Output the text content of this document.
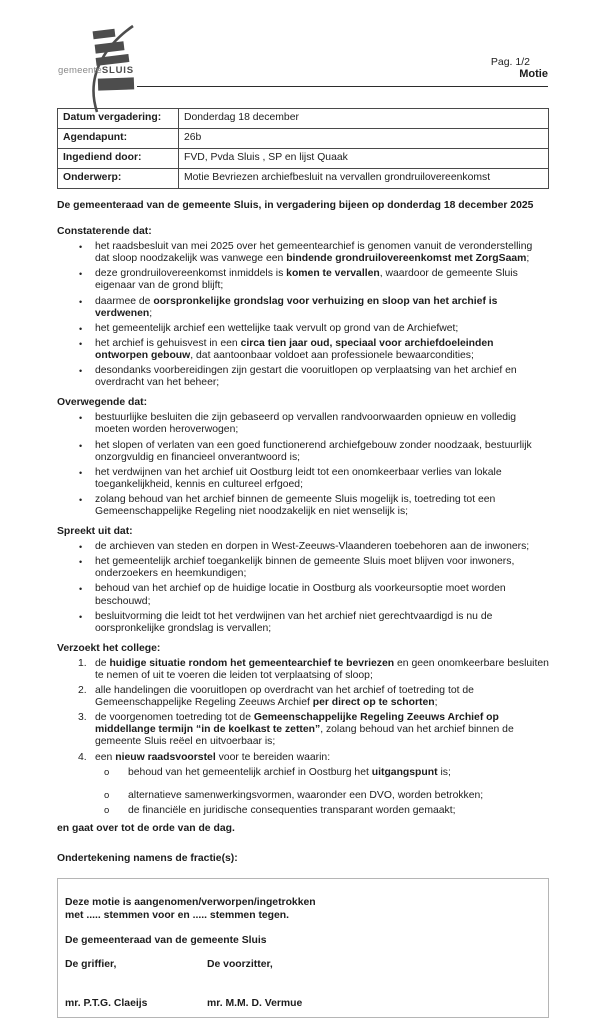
gemeenteSLUIS
Pag. 1/2
Motie
Datum vergadering:	Donderdag 18 december
Agendapunt:	26b
Ingediend door:	FVD, Pvda Sluis , SP en lijst Quaak
Onderwerp:	Motie Bevriezen archiefbesluit na vervallen grondruilovereenkomst

De gemeenteraad van de gemeente Sluis, in vergadering bijeen op donderdag 18 december 2025

Constaterende dat:
• het raadsbesluit van mei 2025 over het gemeentearchief is genomen vanuit de veronderstelling dat sloop noodzakelijk was vanwege een bindende grondruilovereenkomst met ZorgSaam;
• deze grondruilovereenkomst inmiddels is komen te vervallen, waardoor de gemeente Sluis eigenaar van de grond blijft;
• daarmee de oorspronkelijke grondslag voor verhuizing en sloop van het archief is verdwenen;
• het gemeentelijk archief een wettelijke taak vervult op grond van de Archiefwet;
• het archief is gehuisvest in een circa tien jaar oud, speciaal voor archiefdoeleinden ontworpen gebouw, dat aantoonbaar voldoet aan professionele bewaarcondities;
• desondanks voorbereidingen zijn gestart die vooruitlopen op verplaatsing van het archief en overdracht van het beheer;
Overwegende dat:
• bestuurlijke besluiten die zijn gebaseerd op vervallen randvoorwaarden opnieuw en volledig moeten worden heroverwogen;
• het slopen of verlaten van een goed functionerend archiefgebouw zonder noodzaak, bestuurlijk onzorgvuldig en financieel onverantwoord is;
• het verdwijnen van het archief uit Oostburg leidt tot een onomkeerbaar verlies van lokale toegankelijkheid, kennis en cultureel erfgoed;
• zolang behoud van het archief binnen de gemeente Sluis mogelijk is, toetreding tot een Gemeenschappelijke Regeling niet noodzakelijk en niet wenselijk is;
Spreekt uit dat:
• de archieven van steden en dorpen in West-Zeeuws-Vlaanderen toebehoren aan de inwoners;
• het gemeentelijk archief toegankelijk binnen de gemeente Sluis moet blijven voor inwoners, onderzoekers en heemkundigen;
• behoud van het archief op de huidige locatie in Oostburg als voorkeursoptie moet worden beschouwd;
• besluitvorming die leidt tot het verdwijnen van het archief niet gerechtvaardigd is nu de oorspronkelijke grondslag is vervallen;
Verzoekt het college:
1. de huidige situatie rondom het gemeentearchief te bevriezen en geen onomkeerbare besluiten te nemen of uit te voeren die leiden tot verplaatsing of sloop;
2. alle handelingen die vooruitlopen op overdracht van het archief of toetreding tot de Gemeenschappelijke Regeling Zeeuws Archief per direct op te schorten;
3. de voorgenomen toetreding tot de Gemeenschappelijke Regeling Zeeuws Archief op middellange termijn “in de koelkast te zetten”, zolang behoud van het archief binnen de gemeente Sluis reëel en uitvoerbaar is;
4. een nieuw raadsvoorstel voor te bereiden waarin:
o behoud van het gemeentelijk archief in Oostburg het uitgangspunt is;
o alternatieve samenwerkingsvormen, waaronder een DVO, worden betrokken;
o de financiële en juridische consequenties transparant worden gemaakt;

en gaat over tot de orde van de dag.

Ondertekening namens de fractie(s):

Deze motie is aangenomen/verworpen/ingetrokken

met ..... stemmen voor en ..... stemmen tegen.

De gemeenteraad van de gemeente Sluis

De griffier,	De voorzitter,
mr. P.T.G. Claeijs	mr. M.M. D. Vermue
